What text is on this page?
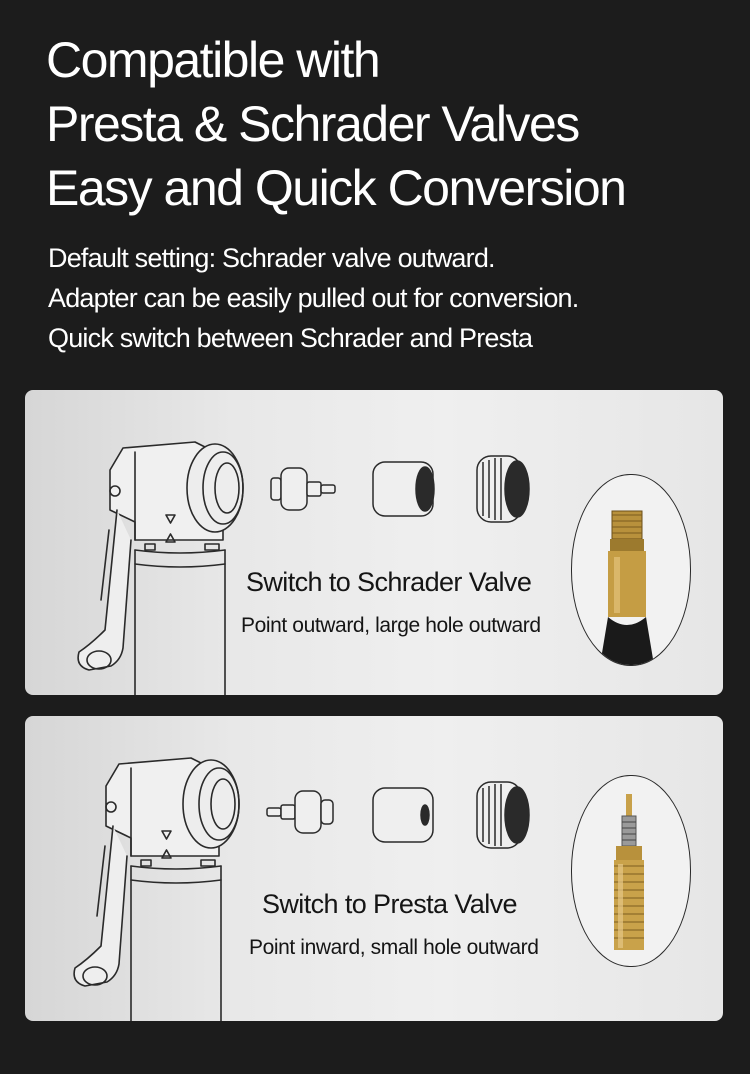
Compatible with
Presta & Schrader Valves
Easy and Quick Conversion
Default setting: Schrader valve outward.
Adapter can be easily pulled out for conversion.
Quick switch between Schrader and Presta
Switch to Schrader Valve
Point outward, large hole outward
Switch to Presta Valve
Point inward, small hole outward
